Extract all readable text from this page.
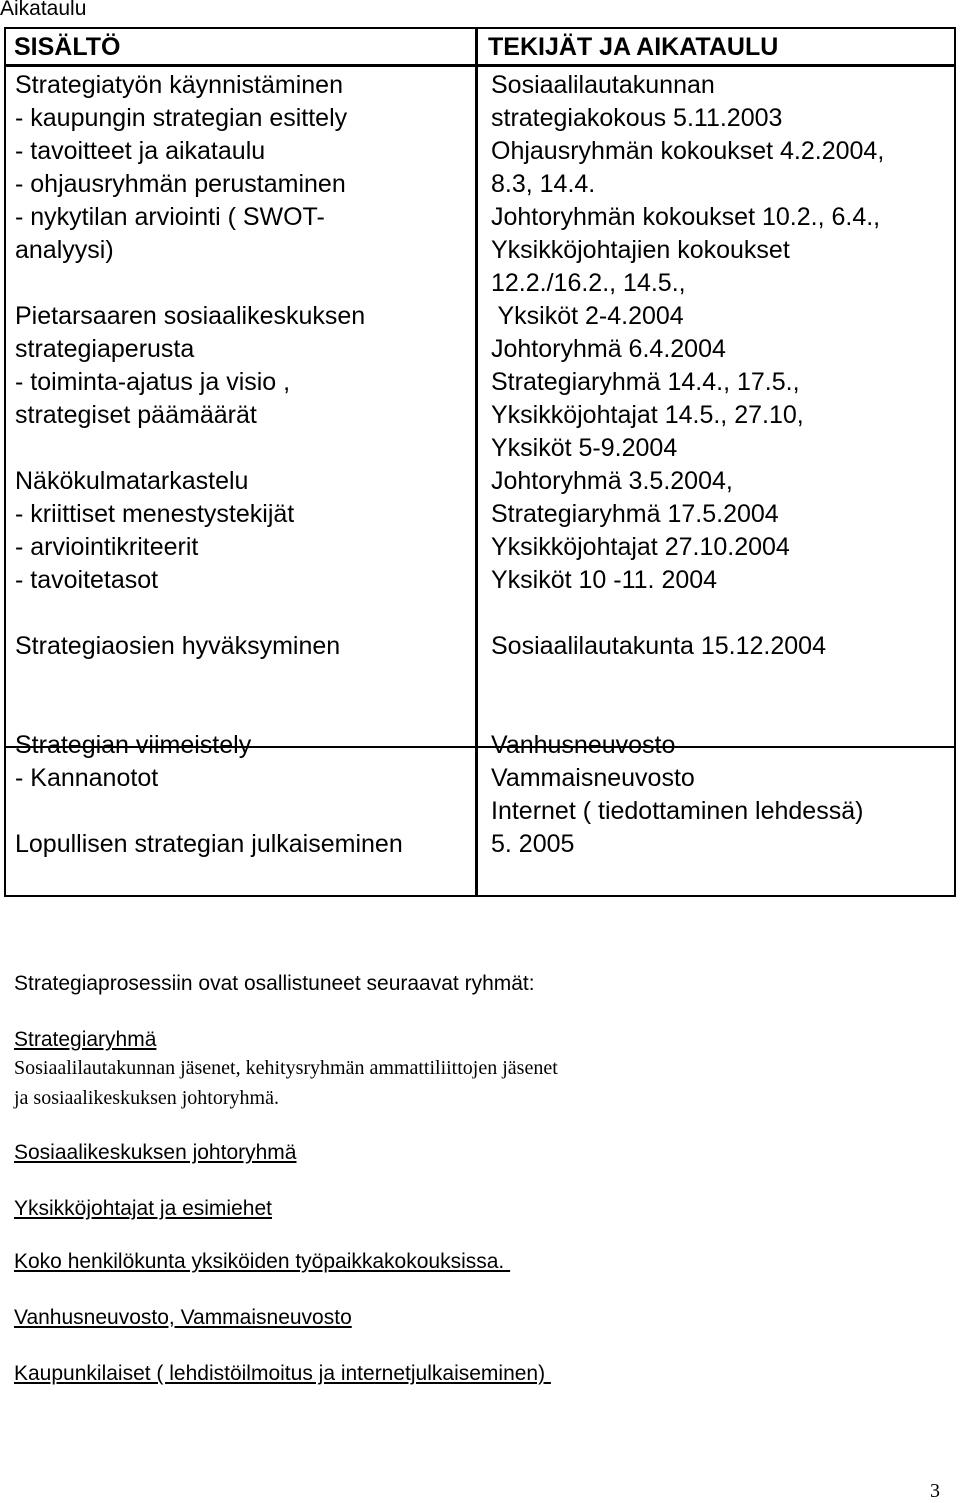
Aikataulu
SISÄLTÖ	TEKIJÄT JA AIKATAULU
Strategiatyön käynnistäminen
- kaupungin strategian esittely
- tavoitteet ja aikataulu
- ohjausryhmän perustaminen
- nykytilan arviointi ( SWOT-
analyysi)
Pietarsaaren sosiaalikeskuksen
strategiaperusta
- toiminta-ajatus ja visio ,
strategiset päämäärät
Näkökulmatarkastelu
- kriittiset menestystekijät
- arviointikriteerit
- tavoitetasot
Strategiaosien hyväksyminen
Strategian viimeistely
- Kannanotot
Lopullisen strategian julkaiseminen
Sosiaalilautakunnan
strategiakokous 5.11.2003
Ohjausryhmän kokoukset 4.2.2004,
8.3, 14.4.
Johtoryhmän kokoukset 10.2., 6.4.,
Yksikköjohtajien kokoukset
12.2./16.2., 14.5.,
Yksiköt 2-4.2004
Johtoryhmä 6.4.2004
Strategiaryhmä 14.4., 17.5.,
Yksikköjohtajat 14.5., 27.10,
Yksiköt 5-9.2004
Johtoryhmä 3.5.2004,
Strategiaryhmä 17.5.2004
Yksikköjohtajat 27.10.2004
Yksiköt 10 -11. 2004
Sosiaalilautakunta 15.12.2004
Vanhusneuvosto
Vammaisneuvosto
Internet ( tiedottaminen lehdessä)
5. 2005
Strategiaprosessiin ovat osallistuneet seuraavat ryhmät:
Strategiaryhmä
Sosiaalilautakunnan jäsenet, kehitysryhmän ammattiliittojen jäsenet
ja sosiaalikeskuksen johtoryhmä.
Sosiaalikeskuksen johtoryhmä
Yksikköjohtajat ja esimiehet
Koko henkilökunta yksiköiden työpaikkakokouksissa.
Vanhusneuvosto, Vammaisneuvosto
Kaupunkilaiset ( lehdistöilmoitus ja internetjulkaiseminen)
3
